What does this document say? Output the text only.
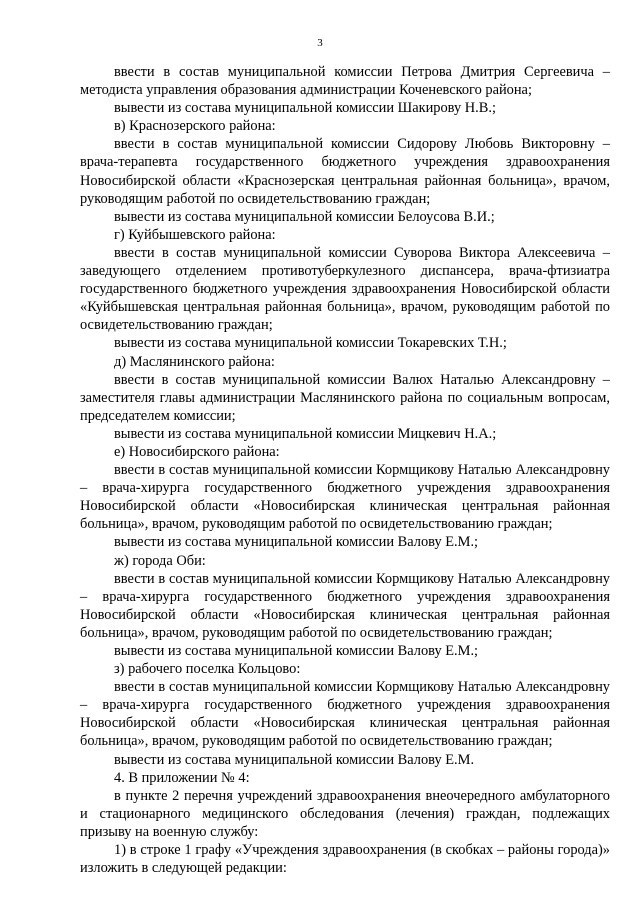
3

ввести в состав муниципальной комиссии Петрова Дмитрия Сергеевича – методиста управления образования администрации Коченевского района;

вывести из состава муниципальной комиссии Шакирову Н.В.;

в) Краснозерского района:

ввести в состав муниципальной комиссии Сидорову Любовь Викторовну – врача-терапевта государственного бюджетного учреждения здравоохранения Новосибирской области «Краснозерская центральная районная больница», врачом, руководящим работой по освидетельствованию граждан;

вывести из состава муниципальной комиссии Белоусова В.И.;

г) Куйбышевского района:

ввести в состав муниципальной комиссии Суворова Виктора Алексеевича – заведующего отделением противотуберкулезного диспансера, врача-фтизиатра государственного бюджетного учреждения здравоохранения Новосибирской области «Куйбышевская центральная районная больница», врачом, руководящим работой по освидетельствованию граждан;

вывести из состава муниципальной комиссии Токаревских Т.Н.;

д) Маслянинского района:

ввести в состав муниципальной комиссии Валюх Наталью Александровну – заместителя главы администрации Маслянинского района по социальным вопросам, председателем комиссии;

вывести из состава муниципальной комиссии Мицкевич Н.А.;

е) Новосибирского района:

ввести в состав муниципальной комиссии Кормщикову Наталью Александровну – врача-хирурга государственного бюджетного учреждения здравоохранения Новосибирской области «Новосибирская клиническая центральная районная больница», врачом, руководящим работой по освидетельствованию граждан;

вывести из состава муниципальной комиссии Валову Е.М.;

ж) города Оби:

ввести в состав муниципальной комиссии Кормщикову Наталью Александровну – врача-хирурга государственного бюджетного учреждения здравоохранения Новосибирской области «Новосибирская клиническая центральная районная больница», врачом, руководящим работой по освидетельствованию граждан;

вывести из состава муниципальной комиссии Валову Е.М.;

з) рабочего поселка Кольцово:

ввести в состав муниципальной комиссии Кормщикову Наталью Александровну – врача-хирурга государственного бюджетного учреждения здравоохранения Новосибирской области «Новосибирская клиническая центральная районная больница», врачом, руководящим работой по освидетельствованию граждан;

вывести из состава муниципальной комиссии Валову Е.М.

4. В приложении № 4:

в пункте 2 перечня учреждений здравоохранения внеочередного амбулаторного и стационарного медицинского обследования (лечения) граждан, подлежащих призыву на военную службу:

1) в строке 1 графу «Учреждения здравоохранения (в скобках – районы города)» изложить в следующей редакции:
